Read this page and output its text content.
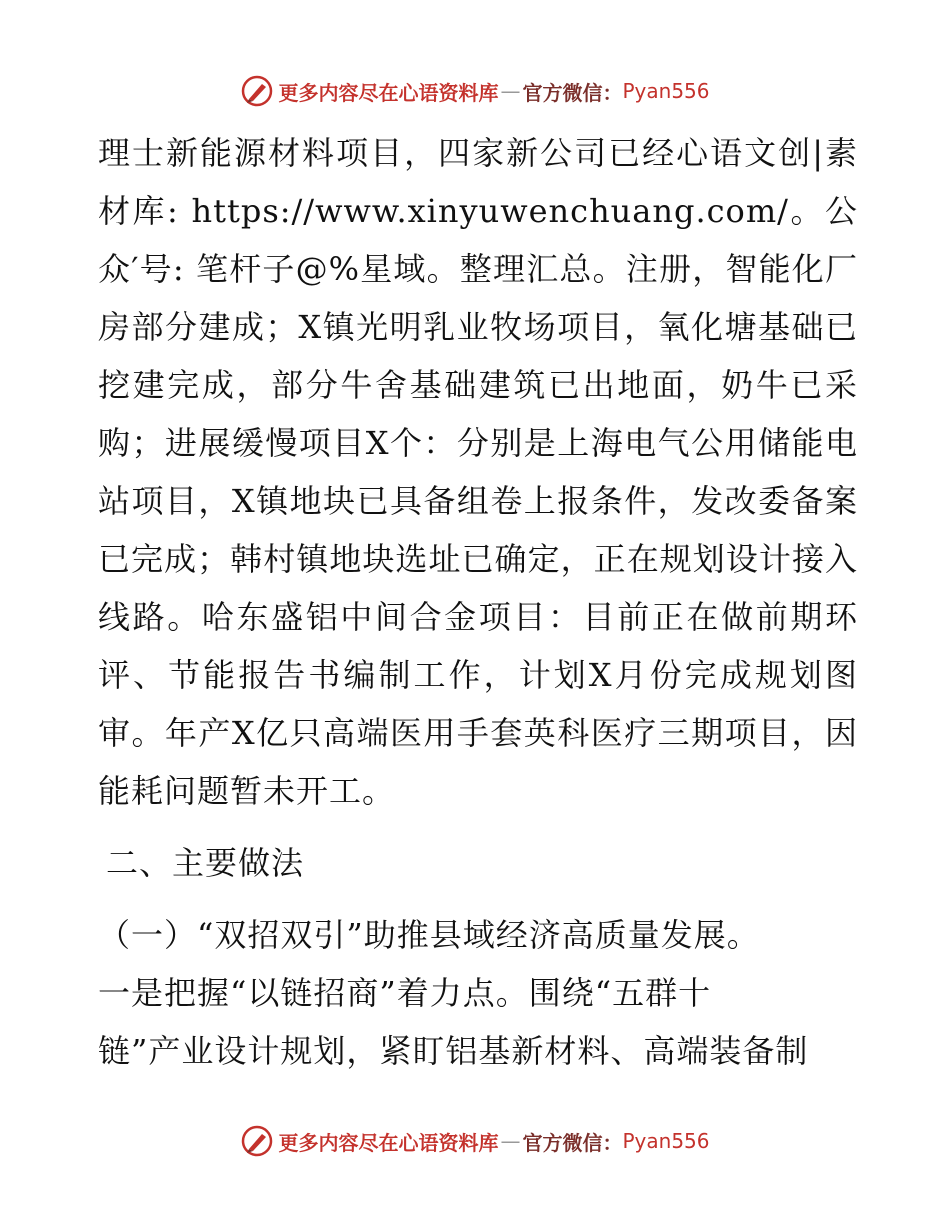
更多内容尽在心语资料库 — 官方微信 ： Pyan556

理士新能源材料项目，四家新公司已经心语文创|素材库: https://www.xinyuwenchuang.com/。公众′号: 笔杆子@%星域。整理汇总。注册，智能化厂房部分建成；X镇光明乳业牧场项目，氧化塘基础已挖建完成，部分牛舍基础建筑已出地面，奶牛已采购；进展缓慢项目X个：分别是上海电气公用储能电站项目，X镇地块已具备组卷上报条件，发改委备案已完成；韩村镇地块选址已确定，正在规划设计接入线路。哈东盛铝中间合金项目：目前正在做前期环评、节能报告书编制工作，计划X月份完成规划图审。年产X亿只高端医用手套英科医疗三期项目，因能耗问题暂未开工。

二、主要做法

（一）“双招双引”助推县域经济高质量发展。

一是把握“以链招商”着力点。围绕“五群十

链”产业设计规划，紧盯铝基新材料、高端装备制

更多内容尽在心语资料库 — 官方微信 ： Pyan556
